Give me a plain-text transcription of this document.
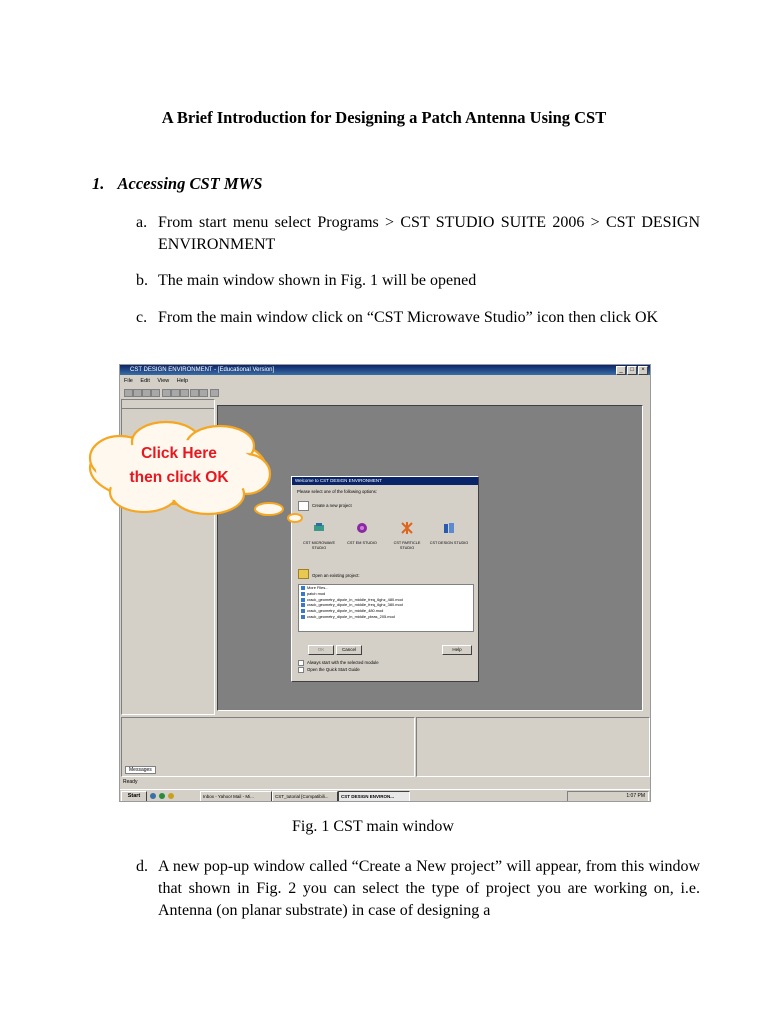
A Brief Introduction for Designing a Patch Antenna Using CST
1. Accessing CST MWS
a. From start menu select Programs > CST STUDIO SUITE 2006 > CST DESIGN ENVIRONMENT
b. The main window shown in Fig. 1 will be opened
c. From the main window click on “CST Microwave Studio” icon then click OK
CST DESIGN ENVIRONMENT - [Educational Version]	_ □ ×
File Edit View Help
Welcome to CST DESIGN ENVIRONMENT
Please select one of the following options:
Create a new project
CST MICROWAVE STUDIO
CST EM STUDIO	CST PARTICLE STUDIO
CST DESIGN STUDIO
Open an existing project:
More Files...
patch mod
crack_geometry_dipole_in_middle_freq_6ghz_480.mod
crack_geometry_dipole_in_middle_freq_6ghz_380.mod
crack_geometry_dipole_in_middle_480.mod
crack_geometry_dipole_in_middle_pleas_205.mod
OK	Cancel	Help
Always start with the selected module
Open the Quick Start Guide
Messages
Ready
Start	Inbox - Yahoo! Mail - Mi...	CST_tutorial [Compatibili...	CST DESIGN ENVIRON...	1:07 PM
Click Here
then click OK
Fig. 1 CST main window
d. A new pop-up window called “Create a New project” will appear, from this window that shown in Fig. 2 you can select the type of project you are working on, i.e. Antenna (on planar substrate) in case of designing a
